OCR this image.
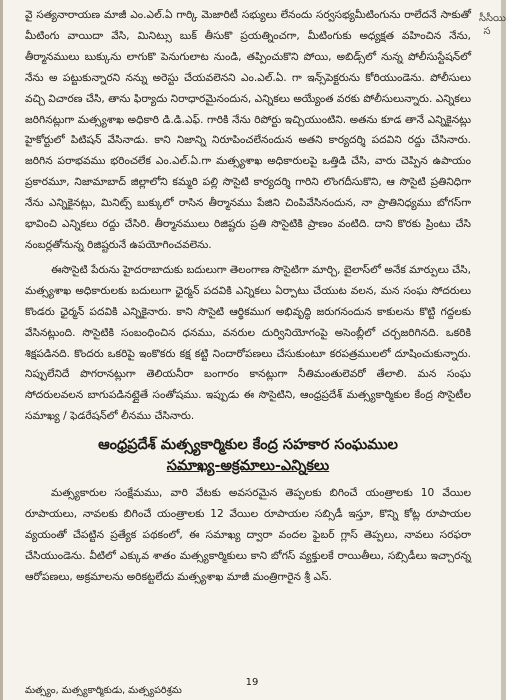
సీసీయిస

వై సత్యనారాయణ మాజీ ఎం.ఎల్.ఏ గార్కి మెజారిటీ సభ్యులు లేనందు సర్వసభ్యమీటింగును రాలేదనే సాకుతో మీటింగు వాయిదా వేసి, మినిట్సు బుక్ తీసుకొ ప్రయత్నించగా, మీటింగుకు అధ్యక్షత వహించిన నేను, తీర్మానములు బుక్కును లాగుకొ పెనుగులాట నుండి, తప్పించుకొని పోయి, అబిడ్స్‌లో నున్న పోలీసుస్టేషన్‌లో నేను అ పట్టుకున్నారని నన్ను అరెస్టు చేయవలెనని ఎం.ఎల్.ఏ. గా ఇన్స్‌పెక్టరును కోరియుండెను. పోలీసులు వచ్చి విచారణ చేసి, తాను ఫిర్యాదు నిరాధారమైనందున, ఎన్నికలు అయ్యేంత వరకు పోలీసులున్నారు. ఎన్నికలు జరిగినట్లుగా మత్స్యశాఖ అధికారి డి.డి.ఎఫ్. గారికి నేను రిపోర్టు ఇచ్చియుంటిని. అతను కూడ తానే ఎన్నికైనట్లు హైకోర్టులో పిటిషన్ వేసినాడు. కాని నిజాన్ని నిరూపించలేనందున అతని కార్యదర్శి పదవిని రద్దు చేసినారు. జరిగిన పరాభవము భరించలేక ఎం.ఎల్.ఏ.గా మత్స్యశాఖ అధికారులపై ఒత్తిడి చేసి, వారు చెప్పిన ఉపాయం ప్రకారమూ, నిజామాబాద్ జిల్లాలోని కమ్మరి పల్లి సొసైటి కార్యదర్శి గారిని లొంగదీసుకొని, ఆ సొసైటి ప్రతినిధిగా నేను ఎన్నికైనట్లు, మినిట్స్ బుక్కులో రాసిన తీర్మానము పేజిని చింపివేసినందున, నా ప్రాతినిధ్యము బోగస్‌గా భావించి ఎన్నికలు రద్దు చేసిరి. తీర్మానములు రిజిష్టరు ప్రతి సొసైటికి ప్రాణం వంటిది. దాని కొరకు ప్రింటు చేసి నంబర్లతోనున్న రిజిష్టరునే ఉపయోగించవలెను.

ఈసొసైటి పేరును హైదరాబాదుకు బదులుగా తెలంగాణ సొసైటిగా మార్చి, బైలాస్‌లో అనేక మార్పులు చేసి, మత్స్యశాఖ అధికారులకు బదులుగా ఛైర్మన్ పదవికి ఎన్నికలు ఏర్పాటు చేయుట వలన, మన సంఘ సోదరులు కొండరు ఛైర్మన్ పదవికి ఎన్నికైనారు. కాని సొసైటి ఆర్థికముగ అభివృద్ధి జరుగనందున కాకులను కొట్టి గద్దలకు వేసినట్లుంది. సొసైటికి సంబంధించిన ధనము, వనరుల దుర్వినియోగంపై అసెంబ్లీలో చర్చజరిగినది. ఒకరికి శిక్షపడినది. కొందరు ఒకరిపై ఇంకొకరు కక్ష కట్టి నిందారోపణలు చేసుకుంటూ కరపత్రములలో దూషించుకున్నారు. నిప్పులేనిదే పొగరానట్లుగా తెలియనీరా బంగారం కానట్లుగా నీతిమంతులెవరో తేలాలి. మన సంఘ సోదరులవలన బాగుపడినట్లైతే సంతోషము. ఇప్పుడు ఈ సొసైటిని, ఆంధ్రప్రదేశ్ మత్స్యకార్మికుల కేంద్ర సొసైటీల సమాఖ్య / ఫెడరేషన్‌లో లీనము చేసినారు.

ఆంధ్రప్రదేశ్ మత్స్యకార్మికుల కేంద్ర సహకార సంఘముల
సమాఖ్య-అక్రమాలు-ఎన్నికలు

మత్స్యకారుల సంక్షేమము, వారి వేటకు అవసరమైన తెప్పలకు బిగించే యంత్రాలకు 10 వేయిల రూపాయలు, నావలకు బిగించే యంత్రాలకు 12 వేయిల రూపాయల సబ్సిడీ ఇస్తూ, కొన్ని కోట్ల రూపాయల వ్యయంతో చేపట్టిన ప్రత్యేక పథకంలో, ఈ సమాఖ్య ద్వారా వందల ఫైబర్ గ్లాస్ తెప్పలు, నావలు సరఫరా చేసియుండెను. వీటిలో ఎక్కువ శాతం మత్స్యకార్మికులు కాని బోగస్ వ్యక్తులకే రాయితీలు, సబ్సిడీలు ఇచ్చారన్న ఆరోపణలు, అక్రమాలను అరికట్టలేదు మత్స్యశాఖ మాజీ మంత్రిగారైన శ్రీ ఎస్.

19
మత్స్యం, మత్స్యకార్మికుడు, మత్స్యపరిశ్రమ
